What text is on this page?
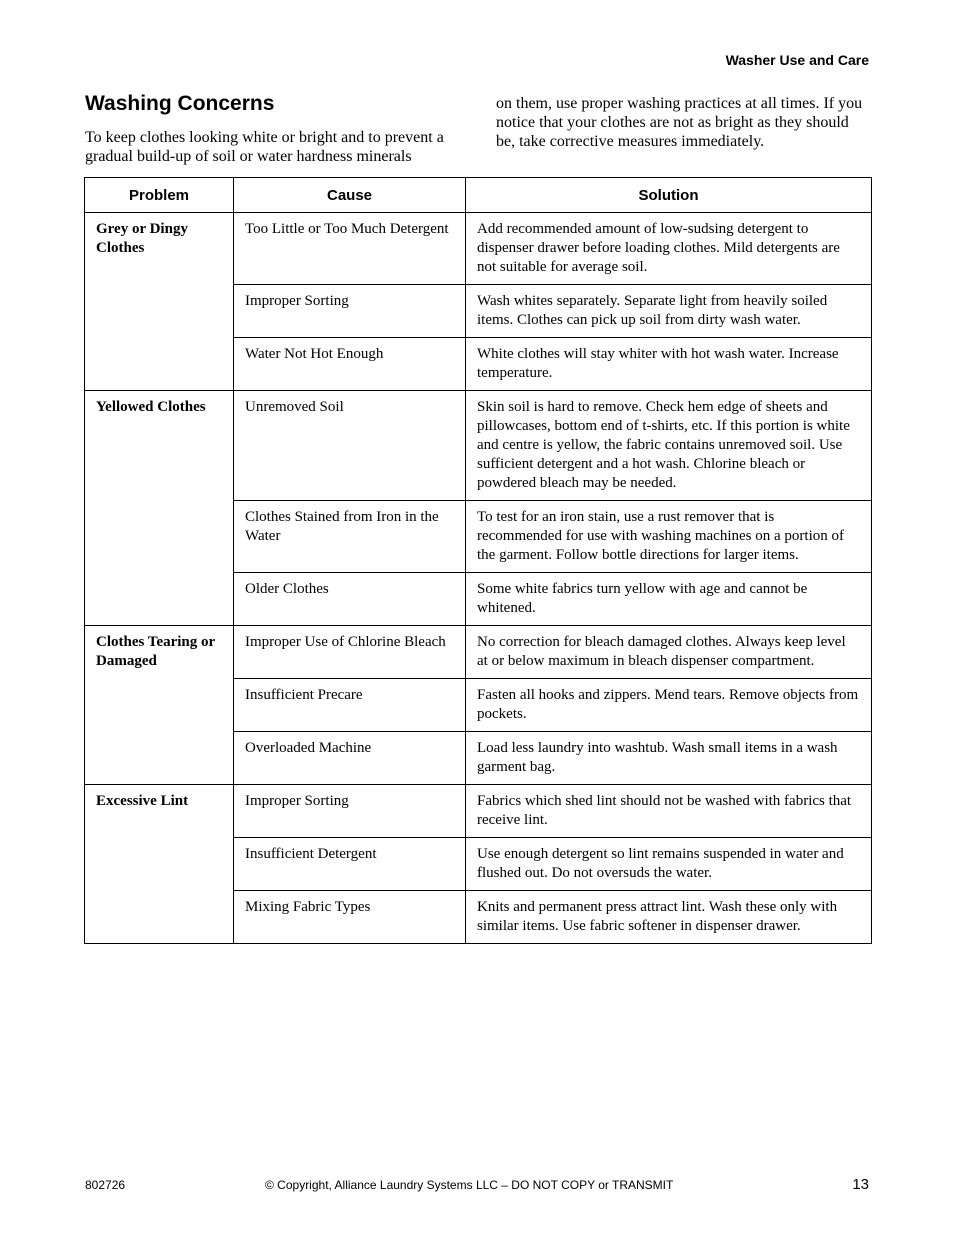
Washer Use and Care
Washing Concerns

To keep clothes looking white or bright and to prevent a gradual build-up of soil or water hardness minerals

on them, use proper washing practices at all times. If you notice that your clothes are not as bright as they should be, take corrective measures immediately.

Problem	Cause	Solution

Grey or Dingy Clothes	Too Little or Too Much Detergent	Add recommended amount of low-sudsing detergent to dispenser drawer before loading clothes. Mild detergents are not suitable for average soil.

	Improper Sorting	Wash whites separately. Separate light from heavily soiled items. Clothes can pick up soil from dirty wash water.

	Water Not Hot Enough	White clothes will stay whiter with hot wash water. Increase temperature.

Yellowed Clothes	Unremoved Soil	Skin soil is hard to remove. Check hem edge of sheets and pillowcases, bottom end of t-shirts, etc. If this portion is white and centre is yellow, the fabric contains unremoved soil. Use sufficient detergent and a hot wash. Chlorine bleach or powdered bleach may be needed.

	Clothes Stained from Iron in the Water	To test for an iron stain, use a rust remover that is recommended for use with washing machines on a portion of the garment. Follow bottle directions for larger items.

	Older Clothes	Some white fabrics turn yellow with age and cannot be whitened.

Clothes Tearing or Damaged	Improper Use of Chlorine Bleach	No correction for bleach damaged clothes. Always keep level at or below maximum in bleach dispenser compartment.

	Insufficient Precare	Fasten all hooks and zippers. Mend tears. Remove objects from pockets.

	Overloaded Machine	Load less laundry into washtub. Wash small items in a wash garment bag.

Excessive Lint	Improper Sorting	Fabrics which shed lint should not be washed with fabrics that receive lint.

	Insufficient Detergent	Use enough detergent so lint remains suspended in water and flushed out. Do not oversuds the water.

	Mixing Fabric Types	Knits and permanent press attract lint. Wash these only with similar items. Use fabric softener in dispenser drawer.
802726	© Copyright, Alliance Laundry Systems LLC – DO NOT COPY or TRANSMIT	13
